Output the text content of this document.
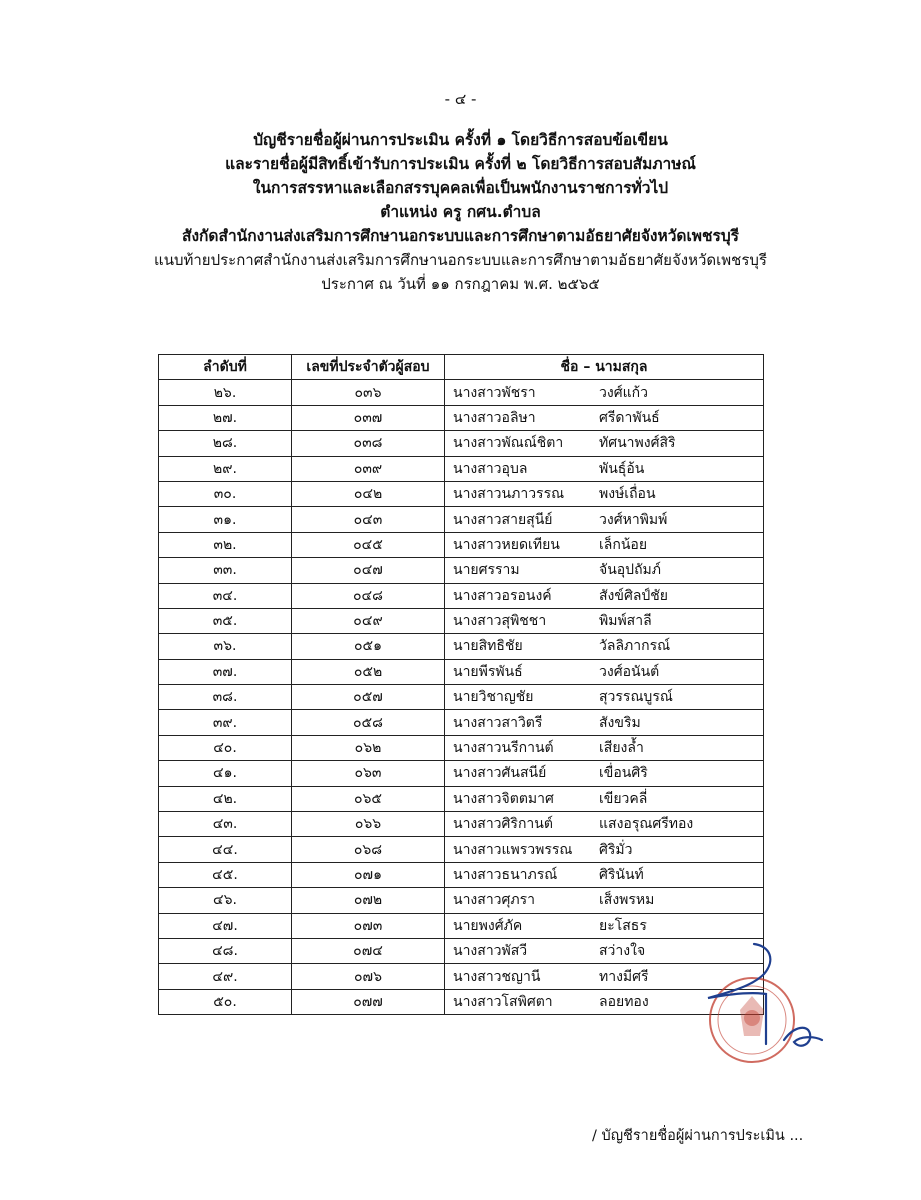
- ๔ -
บัญชีรายชื่อผู้ผ่านการประเมิน ครั้งที่ ๑ โดยวิธีการสอบข้อเขียน
และรายชื่อผู้มีสิทธิ์เข้ารับการประเมิน ครั้งที่ ๒ โดยวิธีการสอบสัมภาษณ์
ในการสรรหาและเลือกสรรบุคคลเพื่อเป็นพนักงานราชการทั่วไป
ตำแหน่ง ครู กศน.ตำบล
สังกัดสำนักงานส่งเสริมการศึกษานอกระบบและการศึกษาตามอัธยาศัยจังหวัดเพชรบุรี
แนบท้ายประกาศสำนักงานส่งเสริมการศึกษานอกระบบและการศึกษาตามอัธยาศัยจังหวัดเพชรบุรี
ประกาศ ณ วันที่ ๑๑ กรกฎาคม พ.ศ. ๒๕๖๕
ลำดับที่	เลขที่ประจำตัวผู้สอบ	ชื่อ – นามสกุล
๒๖.	๐๓๖	นางสาวพัชรา วงศ์แก้ว
๒๗.	๐๓๗	นางสาวอลิษา ศรีดาพันธ์
๒๘.	๐๓๘	นางสาวพัณณ์ชิตา ทัศนาพงศ์สิริ
๒๙.	๐๓๙	นางสาวอุบล พันธุ์อ้น
๓๐.	๐๔๒	นางสาวนภาวรรณ พงษ์เถื่อน
๓๑.	๐๔๓	นางสาวสายสุนีย์ วงศ์หาพิมพ์
๓๒.	๐๔๕	นางสาวหยดเทียน เล็กน้อย
๓๓.	๐๔๗	นายศรราม จันอุปถัมภ์
๓๔.	๐๔๘	นางสาวอรอนงค์ สังข์ศิลป์ชัย
๓๕.	๐๔๙	นางสาวสุพิชชา พิมพ์สาลี
๓๖.	๐๕๑	นายสิทธิชัย วัลลิภากรณ์
๓๗.	๐๕๒	นายพีรพันธ์ วงศ์อนันต์
๓๘.	๐๕๗	นายวิชาญชัย สุวรรณบูรณ์
๓๙.	๐๕๘	นางสาวสาวิตรี สังขริม
๔๐.	๐๖๒	นางสาวนรีกานต์ เสียงล้ำ
๔๑.	๐๖๓	นางสาวศันสนีย์ เขื่อนศิริ
๔๒.	๐๖๕	นางสาวจิตตมาศ เขียวคลี่
๔๓.	๐๖๖	นางสาวศิริกานต์ แสงอรุณศรีทอง
๔๔.	๐๖๘	นางสาวแพรวพรรณ ศิริมั่ว
๔๕.	๐๗๑	นางสาวธนาภรณ์ ศิรินันท์
๔๖.	๐๗๒	นางสาวศุภรา เส็งพรหม
๔๗.	๐๗๓	นายพงศ์ภัค ยะโสธร
๔๘.	๐๗๔	นางสาวพัสวี สว่างใจ
๔๙.	๐๗๖	นางสาวชญานี ทางมีศรี
๕๐.	๐๗๗	นางสาวโสพิศตา ลอยทอง
/ บัญชีรายชื่อผู้ผ่านการประเมิน ...
